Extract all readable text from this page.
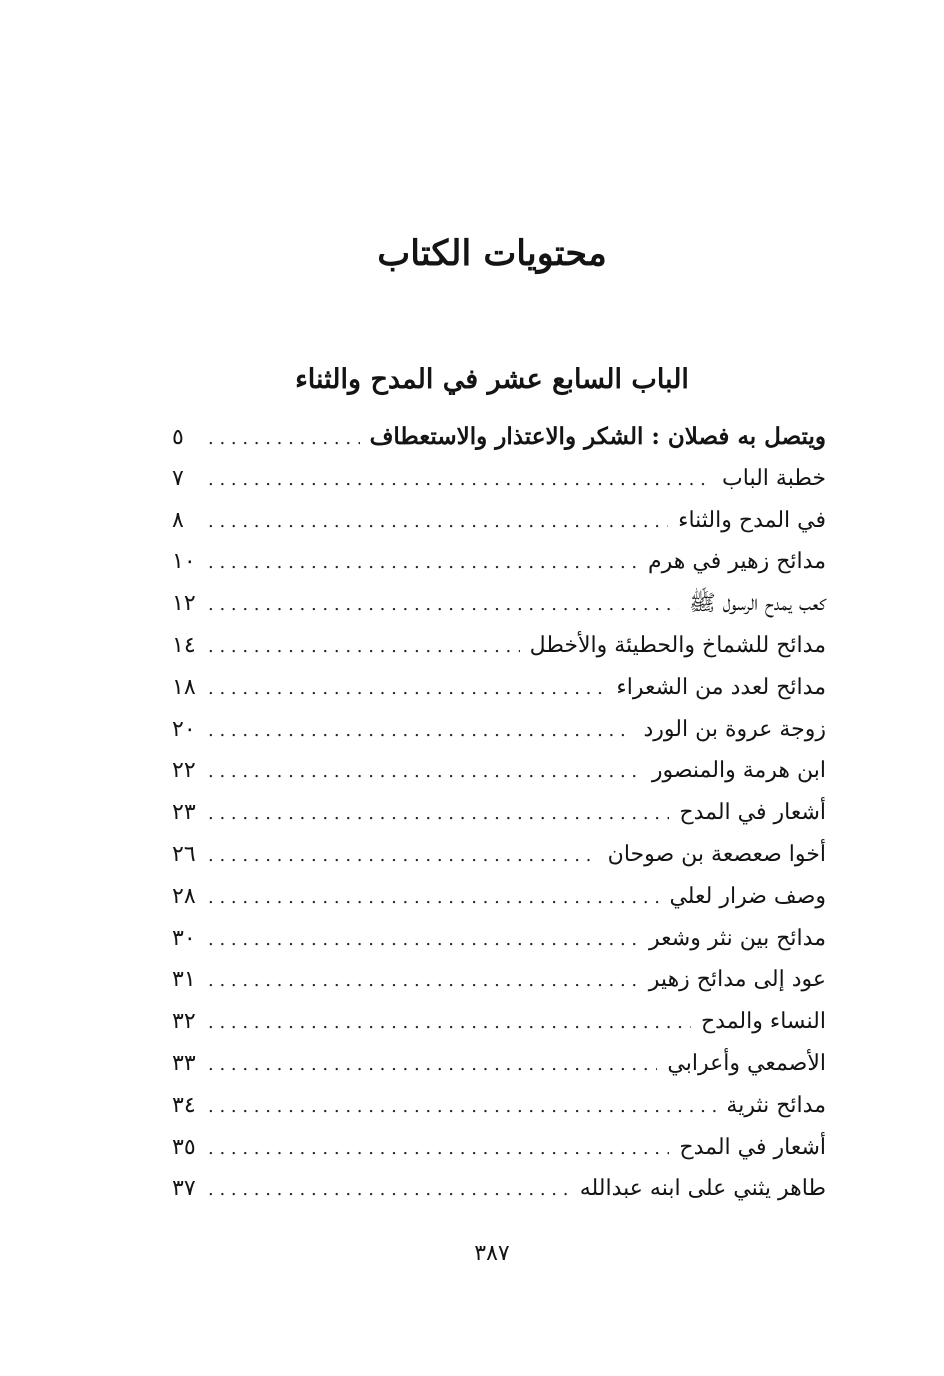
محتويات الكتاب
الباب السابع عشر في المدح والثناء
ويتصل به فصلان : الشكر والاعتذار والاستعطاف
. . .
٥
خطبة الباب
. . .
٧
في المدح والثناء
. . .
٨
مدائح زهير في هرم
. . .
١٠
كعب يمدح الرسول ﷺ
. . .
١٢
مدائح للشماخ والحطيئة والأخطل
. . .
١٤
مدائح لعدد من الشعراء
. . .
١٨
زوجة عروة بن الورد
. . .
٢٠
ابن هرمة والمنصور
. . .
٢٢
أشعار في المدح
. . .
٢٣
أخوا صعصعة بن صوحان
. . .
٢٦
وصف ضرار لعلي
. . .
٢٨
مدائح بين نثر وشعر
. . .
٣٠
عود إلى مدائح زهير
. . .
٣١
النساء والمدح
. . .
٣٢
الأصمعي وأعرابي
. . .
٣٣
مدائح نثرية
. . .
٣٤
أشعار في المدح
. . .
٣٥
طاهر يثني على ابنه عبدالله
. . .
٣٧
٣٨٧
